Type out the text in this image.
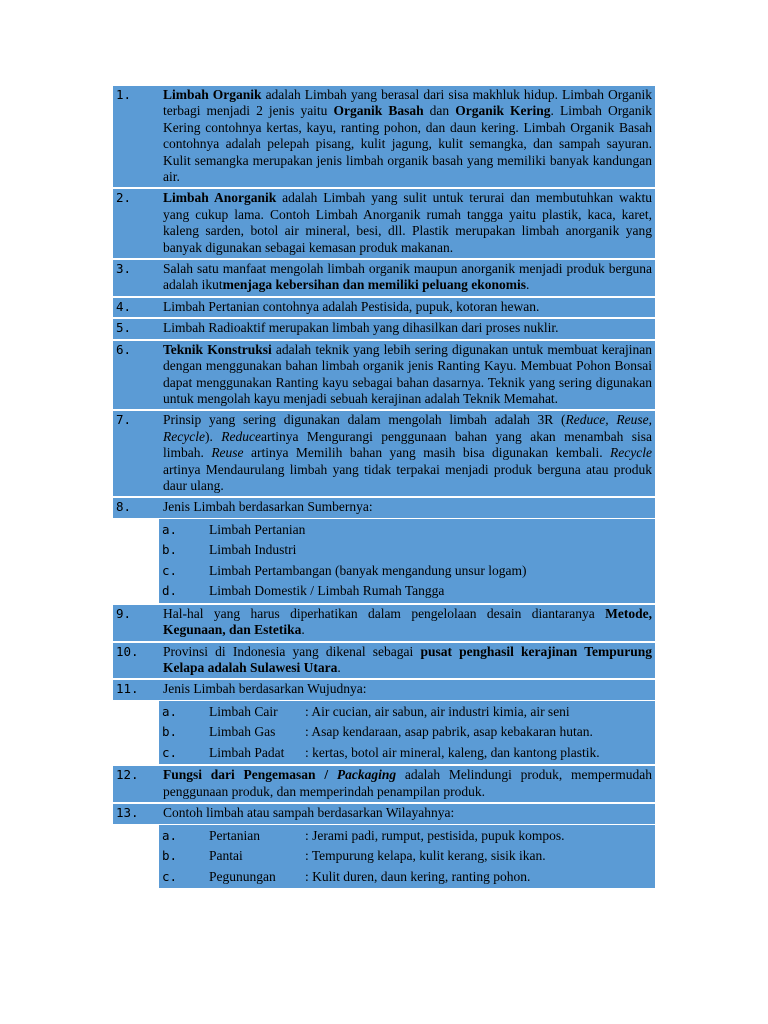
1. Limbah Organik adalah Limbah yang berasal dari sisa makhluk hidup. Limbah Organik terbagi menjadi 2 jenis yaitu Organik Basah dan Organik Kering. Limbah Organik Kering contohnya kertas, kayu, ranting pohon, dan daun kering. Limbah Organik Basah contohnya adalah pelepah pisang, kulit jagung, kulit semangka, dan sampah sayuran. Kulit semangka merupakan jenis limbah organik basah yang memiliki banyak kandungan air.
2. Limbah Anorganik adalah Limbah yang sulit untuk terurai dan membutuhkan waktu yang cukup lama. Contoh Limbah Anorganik rumah tangga yaitu plastik, kaca, karet, kaleng sarden, botol air mineral, besi, dll. Plastik merupakan limbah anorganik yang banyak digunakan sebagai kemasan produk makanan.
3. Salah satu manfaat mengolah limbah organik maupun anorganik menjadi produk berguna adalah ikutmenjaga kebersihan dan memiliki peluang ekonomis.
4. Limbah Pertanian contohnya adalah Pestisida, pupuk, kotoran hewan.
5. Limbah Radioaktif merupakan limbah yang dihasilkan dari proses nuklir.
6. Teknik Konstruksi adalah teknik yang lebih sering digunakan untuk membuat kerajinan dengan menggunakan bahan limbah organik jenis Ranting Kayu. Membuat Pohon Bonsai dapat menggunakan Ranting kayu sebagai bahan dasarnya. Teknik yang sering digunakan untuk mengolah kayu menjadi sebuah kerajinan adalah Teknik Memahat.
7. Prinsip yang sering digunakan dalam mengolah limbah adalah 3R (Reduce, Reuse, Recycle). Reduceartinya Mengurangi penggunaan bahan yang akan menambah sisa limbah. Reuse artinya Memilih bahan yang masih bisa digunakan kembali. Recycle artinya Mendaurulang limbah yang tidak terpakai menjadi produk berguna atau produk daur ulang.
8. Jenis Limbah berdasarkan Sumbernya:
a. Limbah Pertanian
b. Limbah Industri
c. Limbah Pertambangan (banyak mengandung unsur logam)
d. Limbah Domestik / Limbah Rumah Tangga
9. Hal-hal yang harus diperhatikan dalam pengelolaan desain diantaranya Metode, Kegunaan, dan Estetika.
10. Provinsi di Indonesia yang dikenal sebagai pusat penghasil kerajinan Tempurung Kelapa adalah Sulawesi Utara.
11. Jenis Limbah berdasarkan Wujudnya:
a. Limbah Cair : Air cucian, air sabun, air industri kimia, air seni
b. Limbah Gas : Asap kendaraan, asap pabrik, asap kebakaran hutan.
c. Limbah Padat : kertas, botol air mineral, kaleng, dan kantong plastik.
12. Fungsi dari Pengemasan / Packaging adalah Melindungi produk, mempermudah penggunaan produk, dan memperindah penampilan produk.
13. Contoh limbah atau sampah berdasarkan Wilayahnya:
a. Pertanian	: Jerami padi, rumput, pestisida, pupuk kompos.
b. Pantai	: Tempurung kelapa, kulit kerang, sisik ikan.
c. Pegunungan : Kulit duren, daun kering, ranting pohon.
